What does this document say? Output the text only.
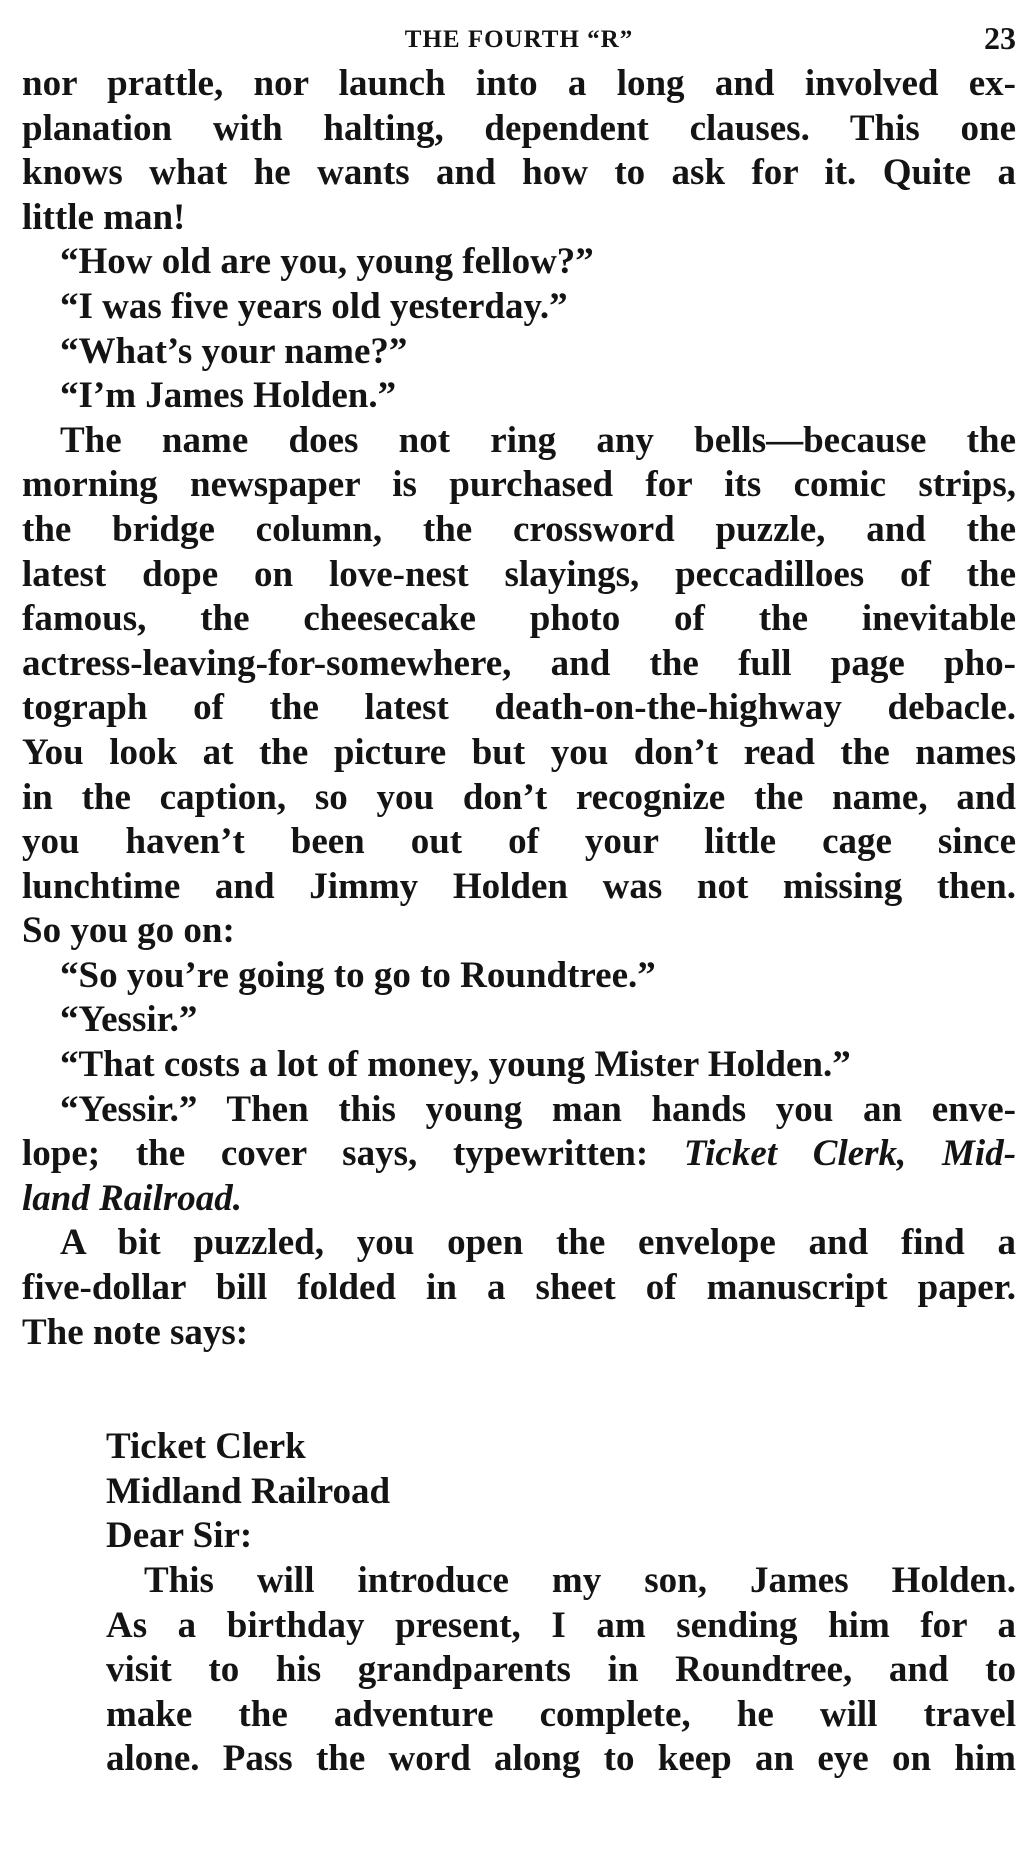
THE FOURTH “R”	23
nor prattle, nor launch into a long and involved ex-
planation with halting, dependent clauses. This one
knows what he wants and how to ask for it. Quite a
little man!
“How old are you, young fellow?”
“I was five years old yesterday.”
“What’s your name?”
“I’m James Holden.”
The name does not ring any bells—because the
morning newspaper is purchased for its comic strips,
the bridge column, the crossword puzzle, and the
latest dope on love-nest slayings, peccadilloes of the
famous, the cheesecake photo of the inevitable
actress-leaving-for-somewhere, and the full page pho-
tograph of the latest death-on-the-highway debacle.
You look at the picture but you don’t read the names
in the caption, so you don’t recognize the name, and
you haven’t been out of your little cage since
lunchtime and Jimmy Holden was not missing then.
So you go on:
“So you’re going to go to Roundtree.”
“Yessir.”
“That costs a lot of money, young Mister Holden.”
“Yessir.” Then this young man hands you an enve-
lope; the cover says, typewritten: Ticket Clerk, Mid-
land Railroad.
A bit puzzled, you open the envelope and find a
five-dollar bill folded in a sheet of manuscript paper.
The note says:
Ticket Clerk
Midland Railroad
Dear Sir:
This will introduce my son, James Holden.
As a birthday present, I am sending him for a
visit to his grandparents in Roundtree, and to
make the adventure complete, he will travel
alone. Pass the word along to keep an eye on him
